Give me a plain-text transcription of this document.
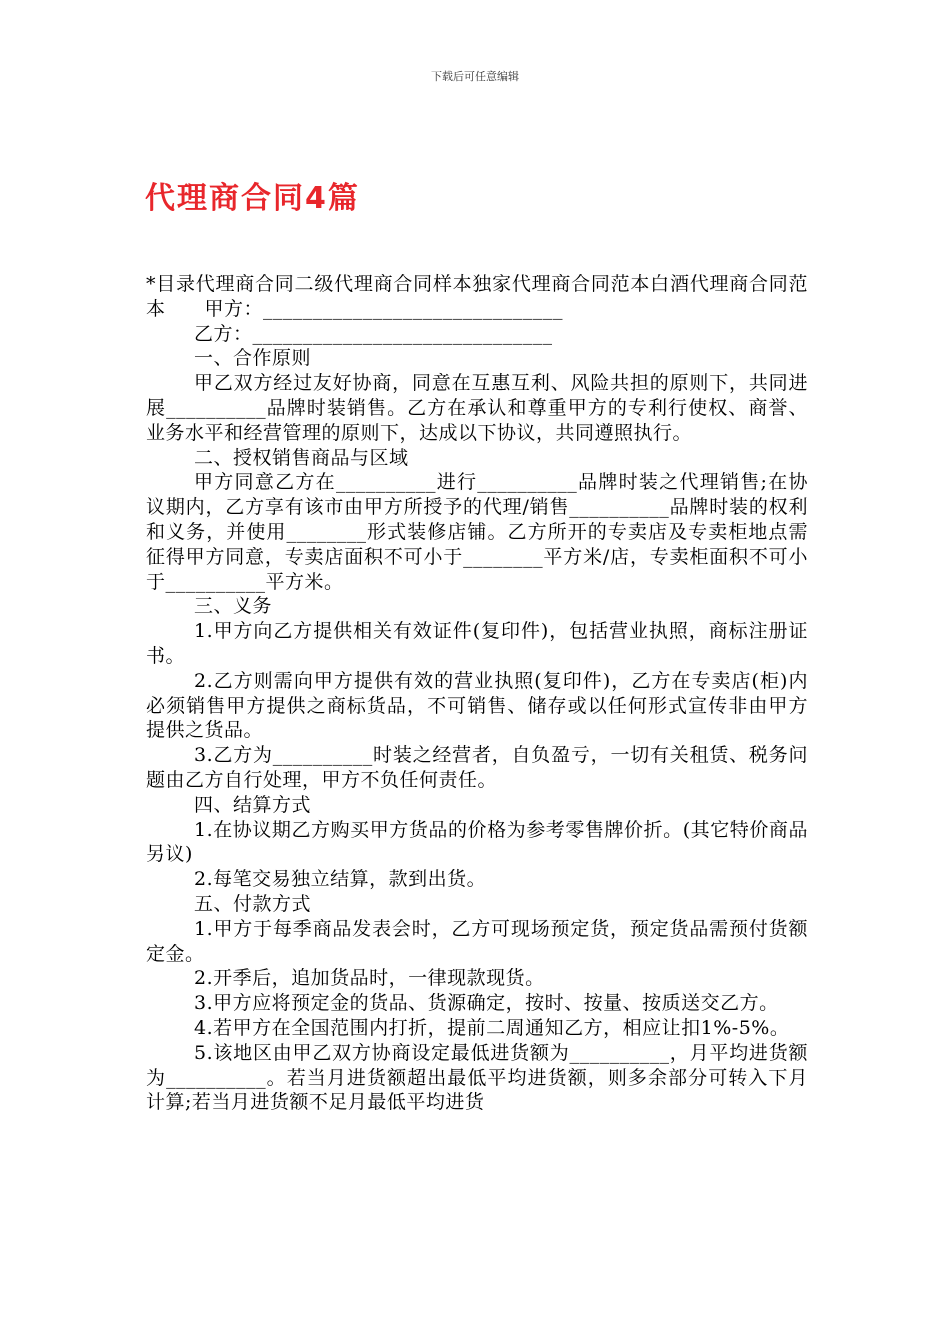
下载后可任意编辑
代理商合同4篇

*目录代理商合同二级代理商合同样本独家代理商合同范本白酒代理商合同范本　　甲方：______________________________

乙方：______________________________

一、合作原则

甲乙双方经过友好协商，同意在互惠互利、风险共担的原则下，共同进展__________品牌时装销售。乙方在承认和尊重甲方的专利行使权、商誉、业务水平和经营管理的原则下，达成以下协议，共同遵照执行。

二、授权销售商品与区域

甲方同意乙方在__________进行__________品牌时装之代理销售;在协议期内，乙方享有该市由甲方所授予的代理/销售__________品牌时装的权利和义务，并使用________形式装修店铺。乙方所开的专卖店及专卖柜地点需征得甲方同意，专卖店面积不可小于________平方米/店，专卖柜面积不可小于__________平方米。

三、义务

1.甲方向乙方提供相关有效证件(复印件)，包括营业执照，商标注册证书。

2.乙方则需向甲方提供有效的营业执照(复印件)，乙方在专卖店(柜)内必须销售甲方提供之商标货品，不可销售、储存或以任何形式宣传非由甲方提供之货品。

3.乙方为__________时装之经营者，自负盈亏，一切有关租赁、税务问题由乙方自行处理，甲方不负任何责任。

四、结算方式

1.在协议期乙方购买甲方货品的价格为参考零售牌价折。(其它特价商品另议)

2.每笔交易独立结算，款到出货。

五、付款方式

1.甲方于每季商品发表会时，乙方可现场预定货，预定货品需预付货额定金。

2.开季后，追加货品时，一律现款现货。

3.甲方应将预定金的货品、货源确定，按时、按量、按质送交乙方。

4.若甲方在全国范围内打折，提前二周通知乙方，相应让扣1%-5%。

5.该地区由甲乙双方协商设定最低进货额为__________，月平均进货额为__________。若当月进货额超出最低平均进货额，则多余部分可转入下月计算;若当月进货额不足月最低平均进货
